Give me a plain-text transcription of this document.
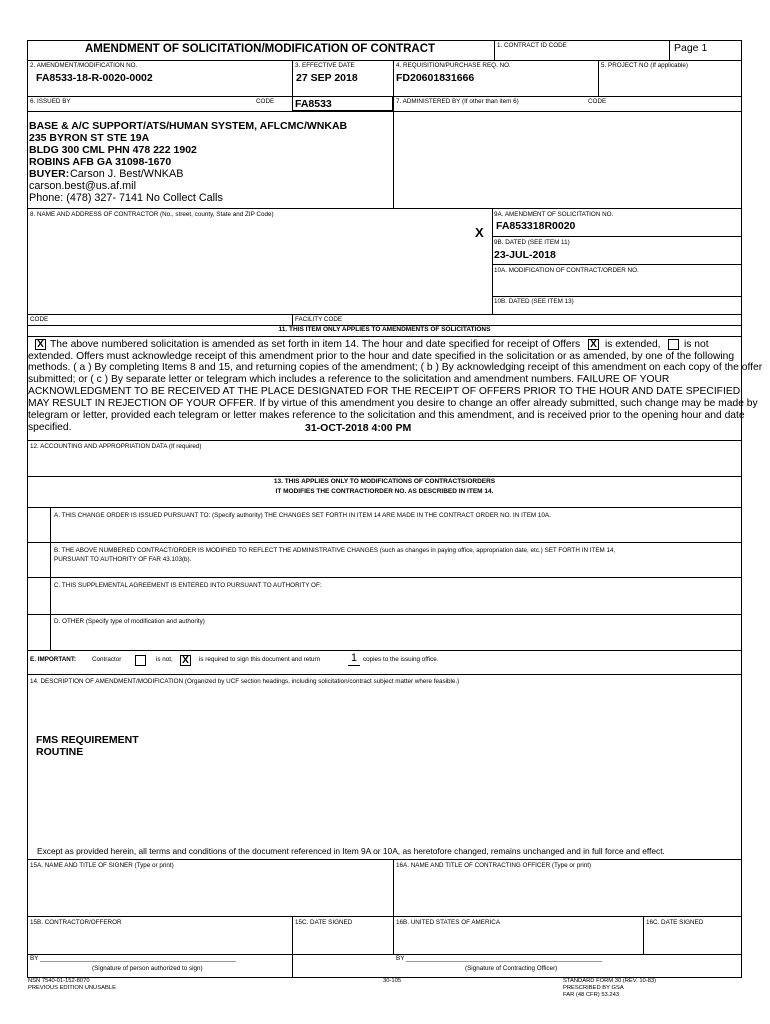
AMENDMENT OF SOLICITATION/MODIFICATION OF CONTRACT	1. CONTRACT ID CODE	Page 1
2. AMENDMENT/MODIFICATION NO.
FA8533-18-R-0020-0002
3. EFFECTIVE DATE
27 SEP 2018
4. REQUISITION/PURCHASE REQ. NO.
FD20601831666
5. PROJECT NO (If applicable)
6. ISSUED BY	CODE FA8533	7. ADMINISTERED BY (If other than item 6)	CODE
BASE & A/C SUPPORT/ATS/HUMAN SYSTEM, AFLCMC/WNKAB
235 BYRON ST STE 19A
BLDG 300 CML PHN 478 222 1902
ROBINS AFB GA 31098-1670
BUYER: Carson J. Best/WNKAB
carson.best@us.af.mil
Phone: (478) 327- 7141 No Collect Calls
8. NAME AND ADDRESS OF CONTRACTOR (No., street, county, State and ZIP Code)	9A. AMENDMENT OF SOLICITATION NO.
X FA853318R0020
9B. DATED (SEE ITEM 11)
23-JUL-2018
10A. MODIFICATION OF CONTRACT/ORDER NO.
10B. DATED (SEE ITEM 13)
CODE	FACILITY CODE
11. THIS ITEM ONLY APPLIES TO AMENDMENTS OF SOLICITATIONS
X The above numbered solicitation is amended as set forth in item 14. The hour and date specified for receipt of Offers X is extended, is not
extended. Offers must acknowledge receipt of this amendment prior to the hour and date specified in the solicitation or as amended, by one of the following
methods. ( a ) By completing Items 8 and 15, and returning copies of the amendment; ( b ) By acknowledging receipt of this amendment on each copy of the offer
submitted; or ( c ) By separate letter or telegram which includes a reference to the solicitation and amendment numbers. FAILURE OF YOUR
ACKNOWLEDGMENT TO BE RECEIVED AT THE PLACE DESIGNATED FOR THE RECEIPT OF OFFERS PRIOR TO THE HOUR AND DATE SPECIFIED
MAY RESULT IN REJECTION OF YOUR OFFER. If by virtue of this amendment you desire to change an offer already submitted, such change may be made by
telegram or letter, provided each telegram or letter makes reference to the solicitation and this amendment, and is received prior to the opening hour and date
specified.	31-OCT-2018 4:00 PM
12. ACCOUNTING AND APPROPRIATION DATA (If required)
13. THIS APPLIES ONLY TO MODIFICATIONS OF CONTRACTS/ORDERS
IT MODIFIES THE CONTRACT/ORDER NO. AS DESCRIBED IN ITEM 14.
A. THIS CHANGE ORDER IS ISSUED PURSUANT TO: (Specify authority) THE CHANGES SET FORTH IN ITEM 14 ARE MADE IN THE CONTRACT ORDER NO. IN ITEM 10A.
B. THE ABOVE NUMBERED CONTRACT/ORDER IS MODIFIED TO REFLECT THE ADMINISTRATIVE CHANGES (such as changes in paying office, appropriation date, etc.) SET FORTH IN ITEM 14,
PURSUANT TO AUTHORITY OF FAR 43.103(b).
C. THIS SUPPLEMENTAL AGREEMENT IS ENTERED INTO PURSUANT TO AUTHORITY OF:
D. OTHER (Specify type of modification and authority)
E. IMPORTANT:	Contractor	is not, X	is required to sign this document and return	1 copies to the issuing office.
14. DESCRIPTION OF AMENDMENT/MODIFICATION (Organized by UCF section headings, including solicitation/contract subject matter where feasible.)
FMS REQUIREMENT
ROUTINE
Except as provided herein, all terms and conditions of the document referenced in Item 9A or 10A, as heretofore changed, remains unchanged and in full force and effect.
15A. NAME AND TITLE OF SIGNER (Type or print)	16A. NAME AND TITLE OF CONTRACTING OFFICER (Type or print)
15B. CONTRACTOR/OFFEROR	15C. DATE SIGNED	16B. UNITED STATES OF AMERICA	16C. DATE SIGNED
BY ________________________________________________________
(Signature of person authorized to sign)
BY ________________________________________________________
(Signature of Contracting Officer)
NSN 7540-01-152-8070
PREVIOUS EDITION UNUSABLE
30-105	STANDARD FORM 30 (REV. 10-83)
PRESCRIBED BY GSA
FAR (48 CFR) 53.243
